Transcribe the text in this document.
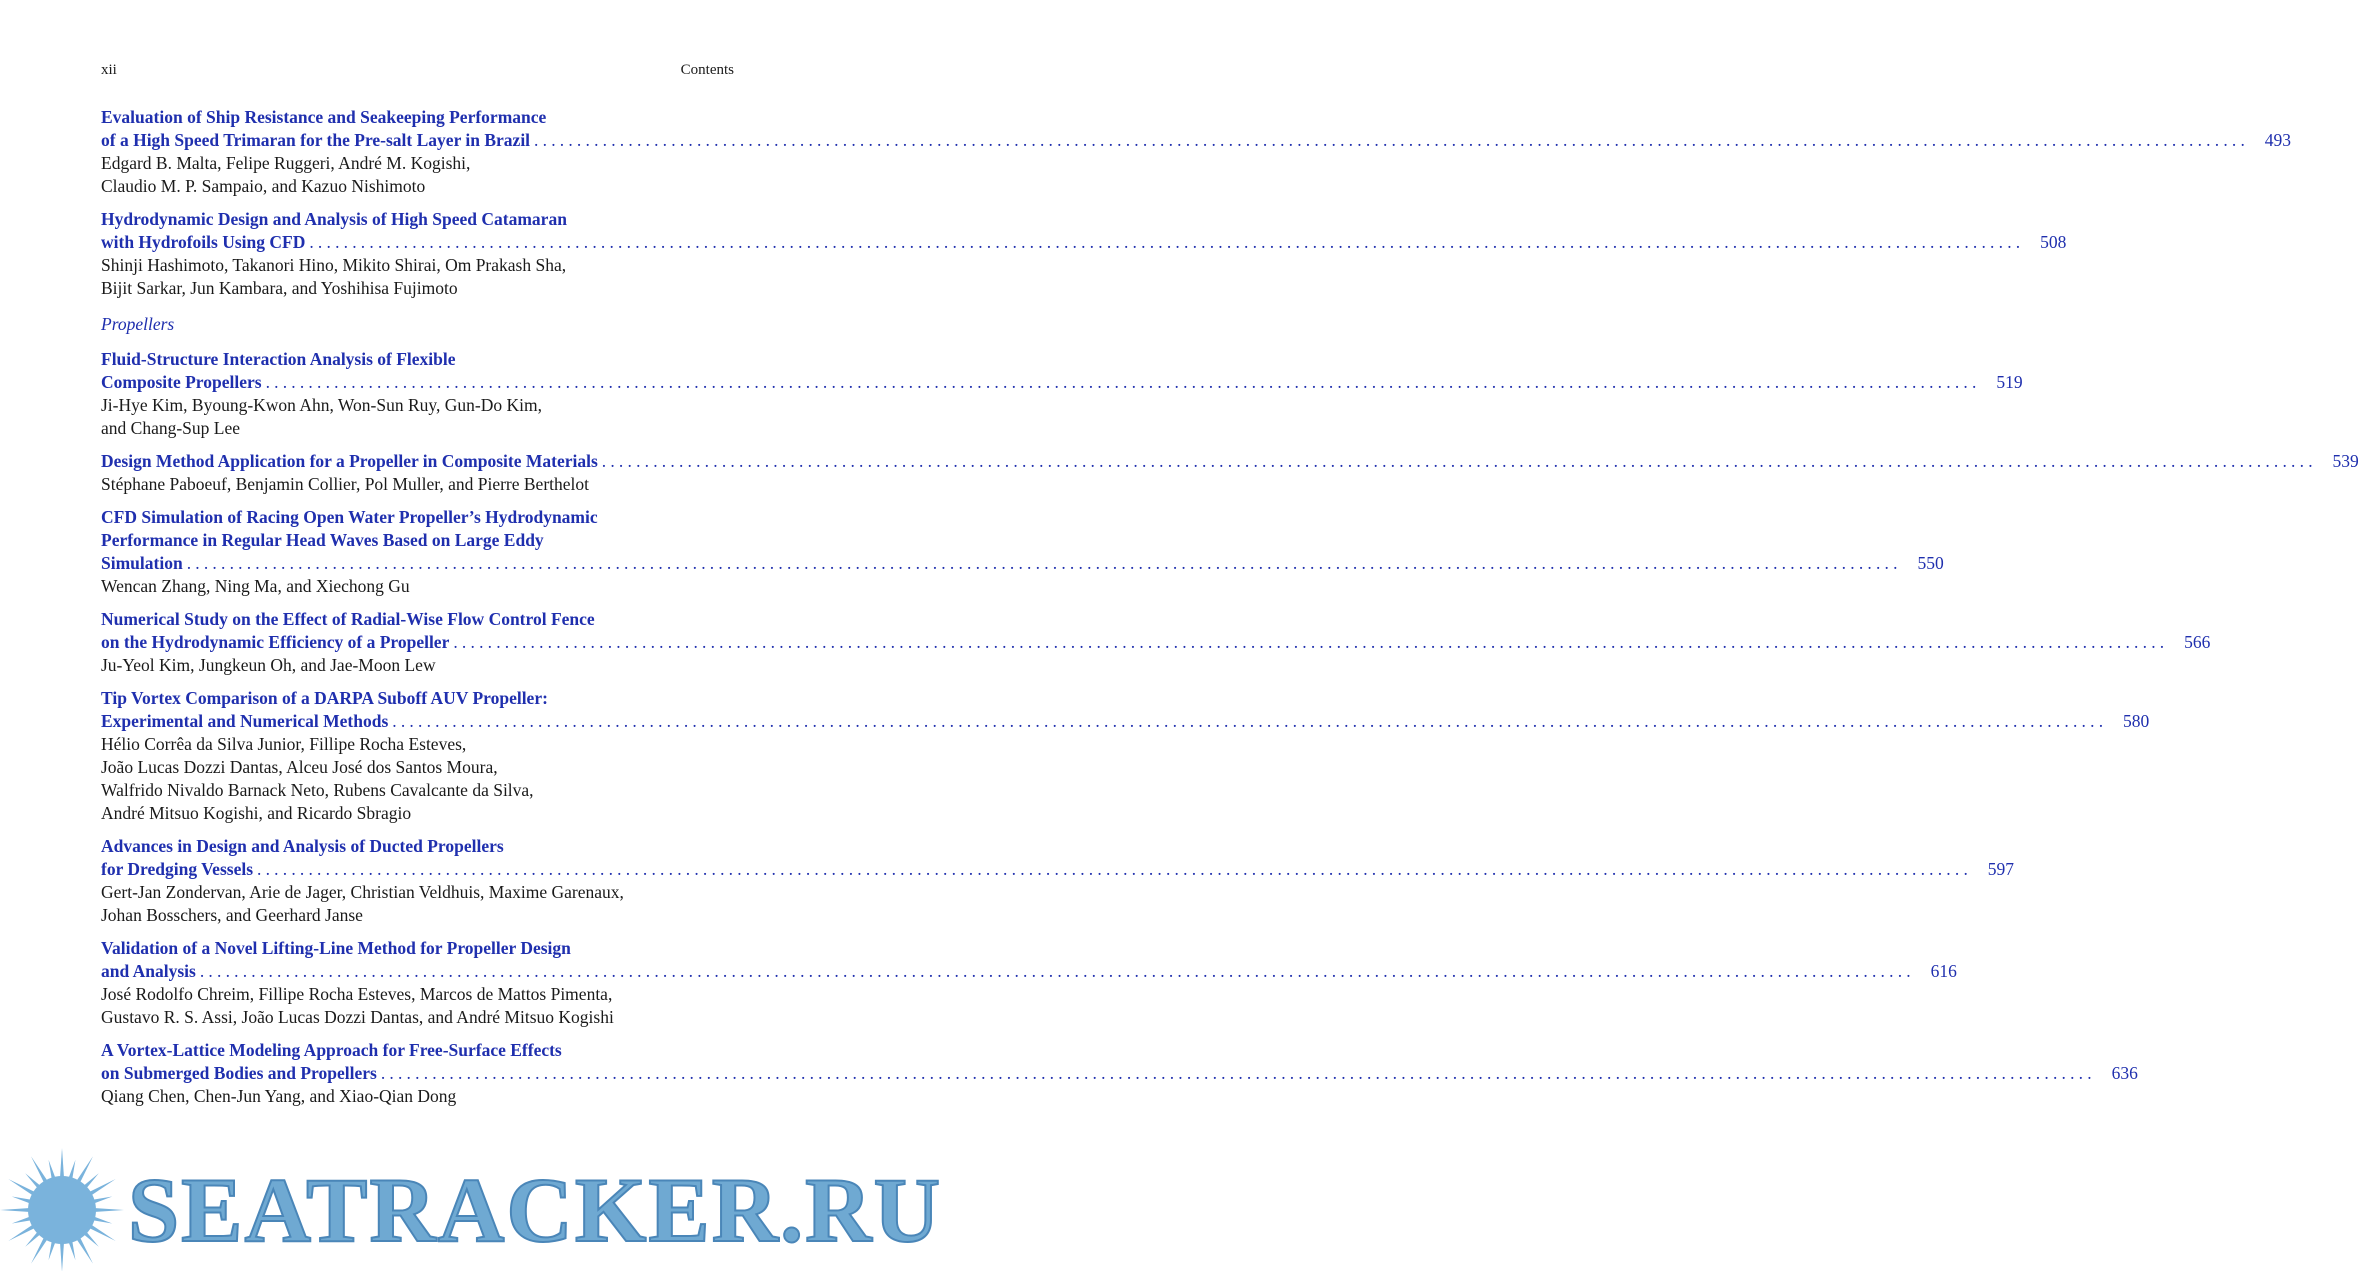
xii	Contents
Evaluation of Ship Resistance and Seakeeping Performance
of a High Speed Trimaran for the Pre-salt Layer in Brazil ........................................................................................................................................................................................................ 493
Edgard B. Malta, Felipe Ruggeri, André M. Kogishi,
Claudio M. P. Sampaio, and Kazuo Nishimoto
Hydrodynamic Design and Analysis of High Speed Catamaran
with Hydrofoils Using CFD ........................................................................................................................................................................................................ 508
Shinji Hashimoto, Takanori Hino, Mikito Shirai, Om Prakash Sha,
Bijit Sarkar, Jun Kambara, and Yoshihisa Fujimoto
Propellers
Fluid-Structure Interaction Analysis of Flexible
Composite Propellers ........................................................................................................................................................................................................ 519
Ji-Hye Kim, Byoung-Kwon Ahn, Won-Sun Ruy, Gun-Do Kim,
and Chang-Sup Lee
Design Method Application for a Propeller in Composite Materials ........................................................................................................................................................................................................ 539
Stéphane Paboeuf, Benjamin Collier, Pol Muller, and Pierre Berthelot
CFD Simulation of Racing Open Water Propeller’s Hydrodynamic
Performance in Regular Head Waves Based on Large Eddy
Simulation ........................................................................................................................................................................................................ 550
Wencan Zhang, Ning Ma, and Xiechong Gu
Numerical Study on the Effect of Radial-Wise Flow Control Fence
on the Hydrodynamic Efficiency of a Propeller ........................................................................................................................................................................................................ 566
Ju-Yeol Kim, Jungkeun Oh, and Jae-Moon Lew
Tip Vortex Comparison of a DARPA Suboff AUV Propeller:
Experimental and Numerical Methods ........................................................................................................................................................................................................ 580
Hélio Corrêa da Silva Junior, Fillipe Rocha Esteves,
João Lucas Dozzi Dantas, Alceu José dos Santos Moura,
Walfrido Nivaldo Barnack Neto, Rubens Cavalcante da Silva,
André Mitsuo Kogishi, and Ricardo Sbragio
Advances in Design and Analysis of Ducted Propellers
for Dredging Vessels ........................................................................................................................................................................................................ 597
Gert-Jan Zondervan, Arie de Jager, Christian Veldhuis, Maxime Garenaux,
Johan Bosschers, and Geerhard Janse
Validation of a Novel Lifting-Line Method for Propeller Design
and Analysis ........................................................................................................................................................................................................ 616
José Rodolfo Chreim, Fillipe Rocha Esteves, Marcos de Mattos Pimenta,
Gustavo R. S. Assi, João Lucas Dozzi Dantas, and André Mitsuo Kogishi
A Vortex-Lattice Modeling Approach for Free-Surface Effects
on Submerged Bodies and Propellers ........................................................................................................................................................................................................ 636
Qiang Chen, Chen-Jun Yang, and Xiao-Qian Dong
SEATRACKER.RU
